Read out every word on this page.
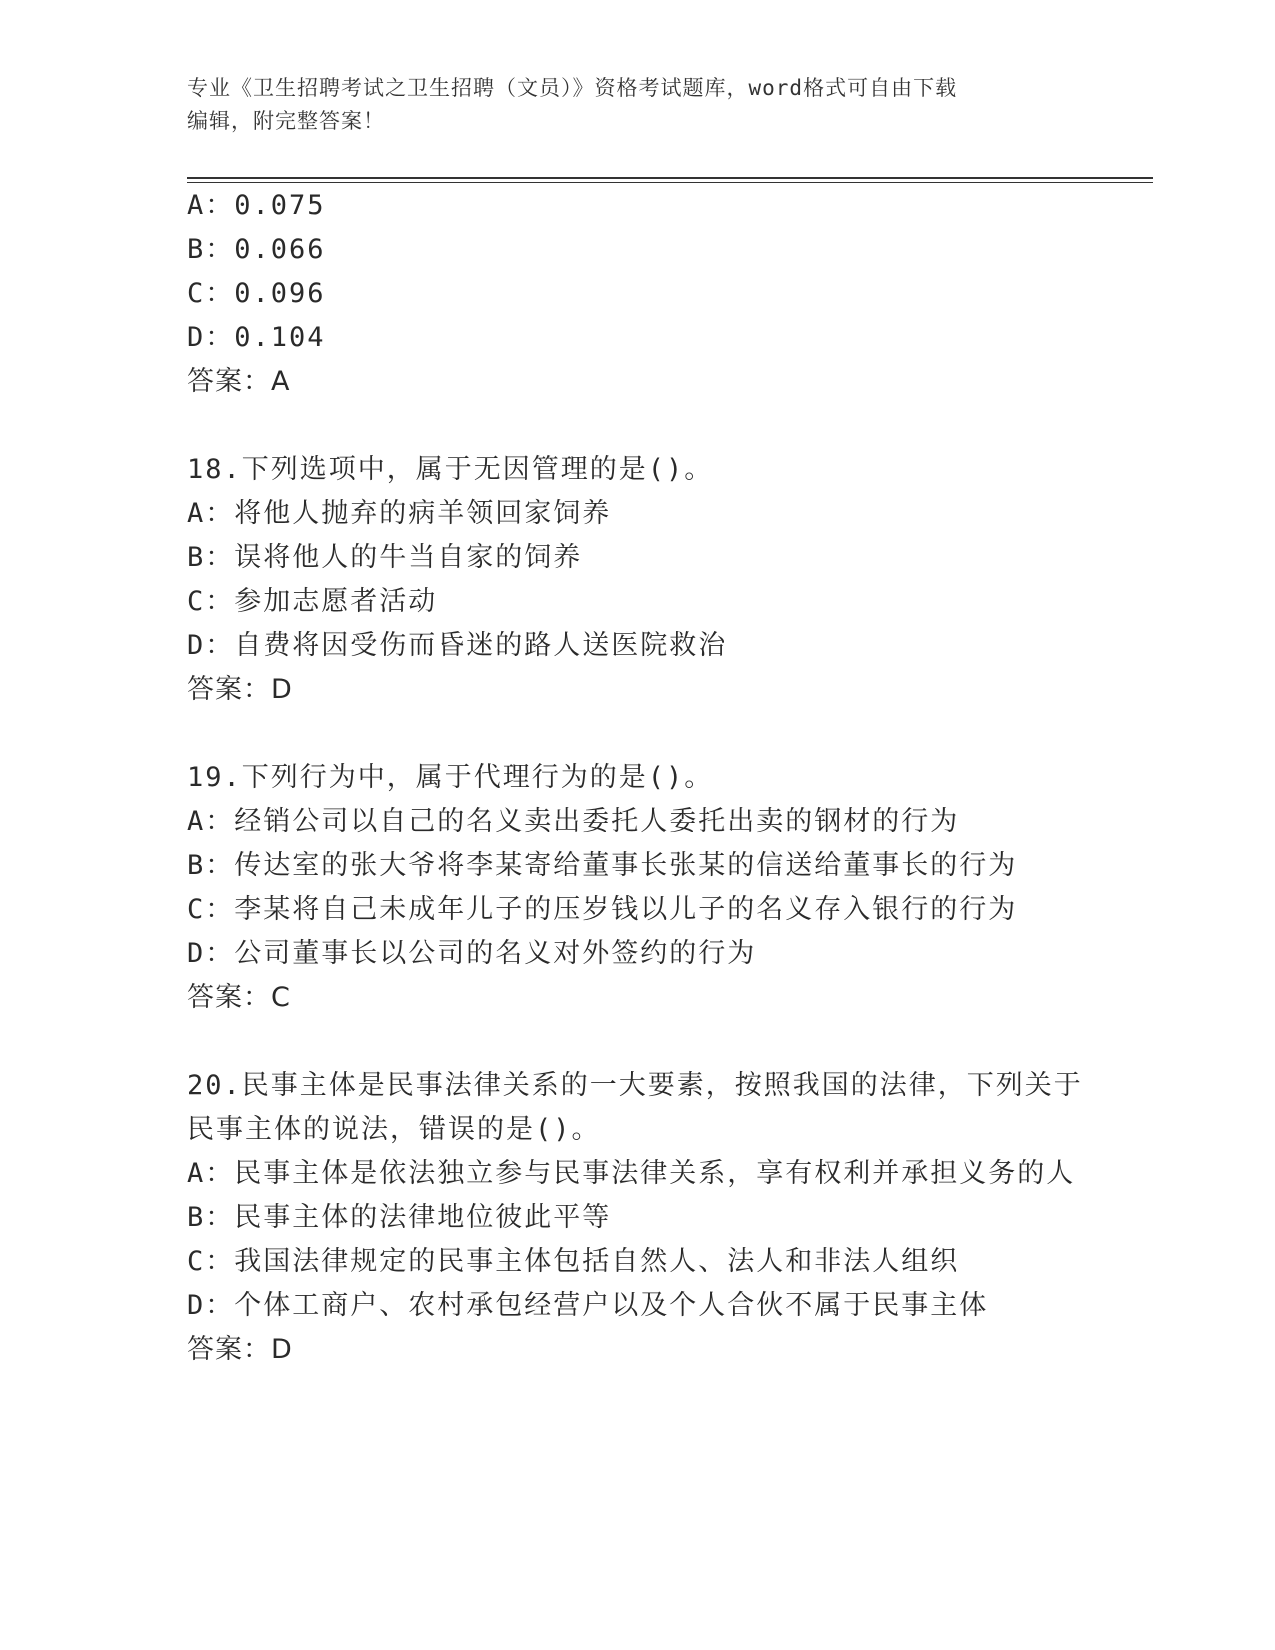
专业《卫生招聘考试之卫生招聘（文员）》资格考试题库，word格式可自由下载
编辑，附完整答案！
A：0.075
B：0.066
C：0.096
D：0.104
答案：A
18.下列选项中，属于无因管理的是()。
A：将他人抛弃的病羊领回家饲养
B：误将他人的牛当自家的饲养
C：参加志愿者活动
D：自费将因受伤而昏迷的路人送医院救治
答案：D
19.下列行为中，属于代理行为的是()。
A：经销公司以自己的名义卖出委托人委托出卖的钢材的行为
B：传达室的张大爷将李某寄给董事长张某的信送给董事长的行为
C：李某将自己未成年儿子的压岁钱以儿子的名义存入银行的行为
D：公司董事长以公司的名义对外签约的行为
答案：C
20.民事主体是民事法律关系的一大要素，按照我国的法律，下列关于
民事主体的说法，错误的是()。
A：民事主体是依法独立参与民事法律关系，享有权利并承担义务的人
B：民事主体的法律地位彼此平等
C：我国法律规定的民事主体包括自然人、法人和非法人组织
D：个体工商户、农村承包经营户以及个人合伙不属于民事主体
答案：D
